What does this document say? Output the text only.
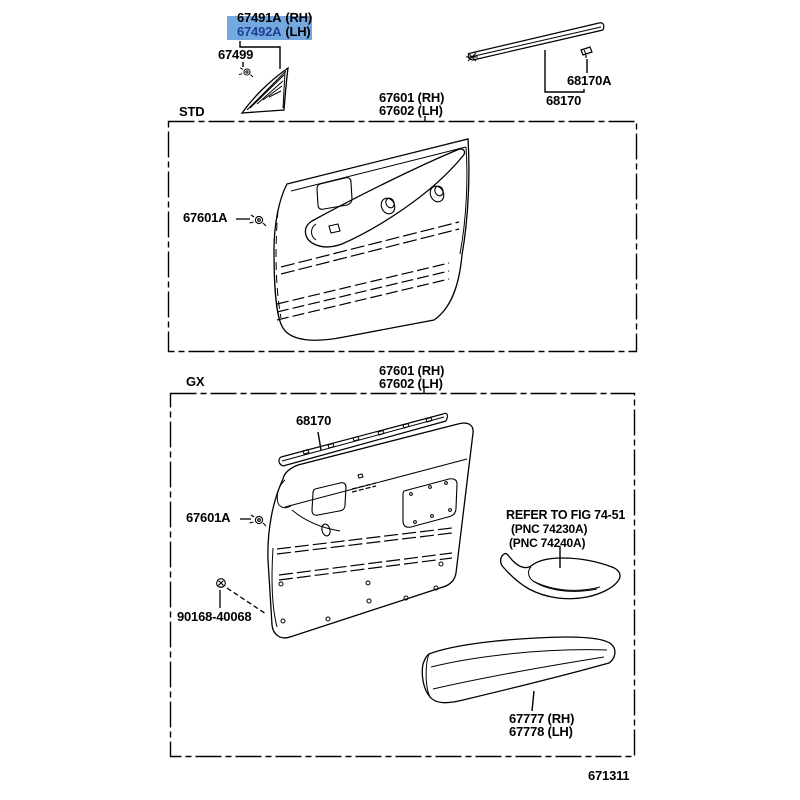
67491A (RH)
67492A (LH)
67499
68170A
68170
STD
67601 (RH)
67602 (LH)
67601A
GX
67601 (RH)
67602 (LH)
68170
67601A
90168-40068
REFER TO FIG 74-51
(PNC 74230A)
(PNC 74240A)
67777 (RH)
67778 (LH)
671311
